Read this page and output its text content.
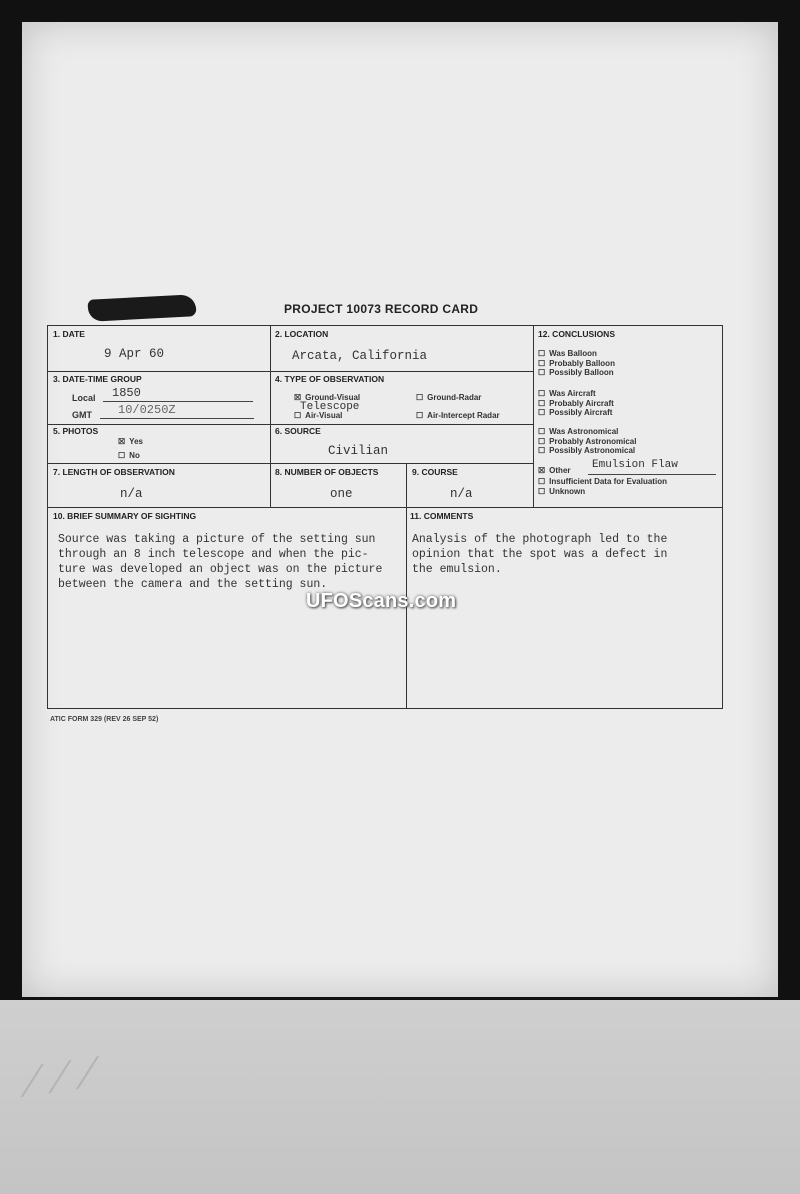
⟋⟋⟋
PROJECT 10073 RECORD CARD
1. DATE
9 Apr 60
2. LOCATION
Arcata, California
3. DATE-TIME GROUP
Local 1850
GMT 10/0250Z
4. TYPE OF OBSERVATION
☒ Ground-Visual	☐ Ground-Radar
Telescope
☐ Air-Visual	☐ Air-Intercept Radar
5. PHOTOS
☒ Yes
☐ No
6. SOURCE
Civilian
7. LENGTH OF OBSERVATION
n/a
8. NUMBER OF OBJECTS
one
9. COURSE
n/a
12. CONCLUSIONS
☐ Was Balloon
☐ Probably Balloon
☐ Possibly Balloon
☐ Was Aircraft
☐ Probably Aircraft
☐ Possibly Aircraft
☐ Was Astronomical
☐ Probably Astronomical
☐ Possibly Astronomical
☒ Other Emulsion Flaw
☐ Insufficient Data for Evaluation
☐ Unknown
10. BRIEF SUMMARY OF SIGHTING
Source was taking a picture of the setting sun
through an 8 inch telescope and when the pic-
ture was developed an object was on the picture
between the camera and the setting sun.
11. COMMENTS
Analysis of the photograph led to the
opinion that the spot was a defect in
the emulsion.
UFOScans.com
ATIC FORM 329 (REV 26 SEP 52)
